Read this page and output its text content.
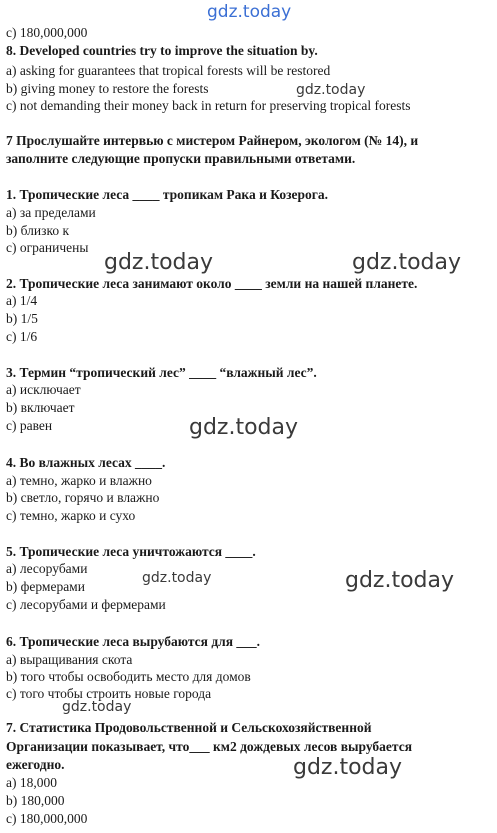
gdz.today
gdz.today
gdz.today	gdz.today
gdz.today
gdz.today	gdz.today
gdz.today
gdz.today
c) 180,000,000
8. Developed countries try to improve the situation by.
a) asking for guarantees that tropical forests will be restored
b) giving money to restore the forests
c) not demanding their money back in return for preserving tropical forests
7 Прослушайте интервью с мистером Райнером, экологом (№ 14), и
заполните следующие пропуски правильными ответами.
1. Тропические леса ____ тропикам Рака и Козерога.
a) за пределами
b) близко к
c) ограничены
2. Тропические леса занимают около ____ земли на нашей планете.
a) 1/4
b) 1/5
c) 1/6
3. Термин “тропический лес” ____ “влажный лес”.
a) исключает
b) включает
c) равен
4. Во влажных лесах ____.
a) темно, жарко и влажно
b) светло, горячо и влажно
c) темно, жарко и сухо
5. Тропические леса уничтожаются ____.
a) лесорубами
b) фермерами
c) лесорубами и фермерами
6. Тропические леса вырубаются для ___.
a) выращивания скота
b) того чтобы освободить место для домов
c) того чтобы строить новые города
7. Статистика Продовольственной и Сельскохозяйственной
Организации показывает, что___ км2 дождевых лесов вырубается
ежегодно.
a) 18,000
b) 180,000
c) 180,000,000
